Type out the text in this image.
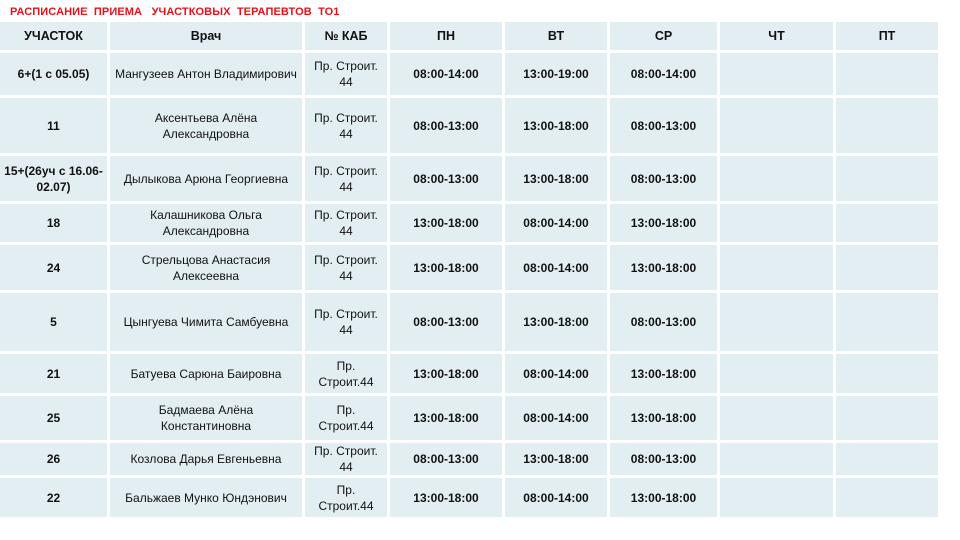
РАСПИСАНИЕ  ПРИЕМА   УЧАСТКОВЫХ  ТЕРАПЕВТОВ  ТО1
УЧАСТОК	Врач	№ КАБ	ПН	ВТ	СР	ЧТ	ПТ
6+(1 с 05.05)	Мангузеев Антон Владимирович	Пр. Строит. 44	08:00-14:00	13:00-19:00	08:00-14:00		
11	Аксентьева Алёна Александровна	Пр. Строит. 44	08:00-13:00	13:00-18:00	08:00-13:00		
15+(26уч с 16.06-02.07)	Дылыкова Арюна Георгиевна	Пр. Строит. 44	08:00-13:00	13:00-18:00	08:00-13:00		
18	Калашникова Ольга Александровна	Пр. Строит. 44	13:00-18:00	08:00-14:00	13:00-18:00		
24	Стрельцова Анастасия Алексеевна	Пр. Строит. 44	13:00-18:00	08:00-14:00	13:00-18:00		
5	Цынгуева Чимита Самбуевна	Пр. Строит. 44	08:00-13:00	13:00-18:00	08:00-13:00		
21	Батуева Сарюна Баировна	Пр. Строит.44	13:00-18:00	08:00-14:00	13:00-18:00		
25	Бадмаева Алёна Константиновна	Пр. Строит.44	13:00-18:00	08:00-14:00	13:00-18:00		
26	Козлова Дарья Евгеньевна	Пр. Строит. 44	08:00-13:00	13:00-18:00	08:00-13:00		
22	Бальжаев Мунко Юндэнович	Пр. Строит.44	13:00-18:00	08:00-14:00	13:00-18:00		
